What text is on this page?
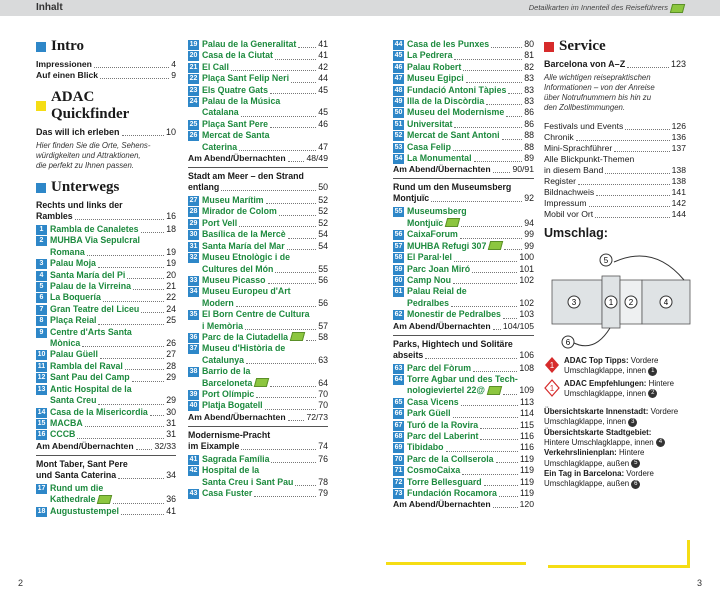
Inhalt	Detailkarten im Innenteil des Reiseführers
Intro
Impressionen	4
Auf einen Blick	9
ADAC Quickfinder
Das will ich erleben	10
Hier finden Sie die Orte, Sehens-
würdigkeiten und Attraktionen,
die perfekt zu Ihnen passen.
Unterwegs
Rechts und links der
Rambles	16
1 Rambla de Canaletes	18
2 MUHBA Via Sepulcral
Romana	19
3 Palau Moja	19
4 Santa María del Pi	20
5 Palau de la Virreina	21
6 La Boquería	22
7 Gran Teatre del Liceu	24
8 Plaça Reial	25
9 Centre d'Arts Santa
Mònica	26
10 Palau Güell	27
11 Rambla del Raval	28
12 Sant Pau del Camp	29
13 Antic Hospital de la
Santa Creu	29
14 Casa de la Misericordia 30
15 MACBA	31
16 CCCB	31
Am Abend/Übernachten 32/33
Mont Taber, Sant Pere
und Santa Caterina	34
17 Rund um die
Kathedrale	36
18 Augustustempel	41
19 Palau de la Generalitat 41
20 Casa de la Ciutat	41
21 El Call	42
22 Plaça Sant Felip Neri	44
23 Els Quatre Gats	45
24 Palau de la Música
Catalana	45
25 Plaça Sant Pere	46
26 Mercat de Santa
Caterina	47
Am Abend/Übernachten 48/49
Stadt am Meer – den Strand
entlang	50
27 Museu Marítim	52
28 Mirador de Colom	52
29 Port Vell	52
30 Basílica de la Mercè	54
31 Santa María del Mar	54
32 Museu Etnològic i de
Cultures del Món	55
33 Museu Picasso	56
34 Museu Europeu d'Art
Modern	56
35 El Born Centre de Cultura
i Memòria	57
36 Parc de la Ciutadella	58
37 Museu d'Història de
Catalunya	63
38 Barrio de la
Barceloneta	64
39 Port Olímpic	70
40 Platja Bogatell	70
Am Abend/Übernachten 72/73
Modernisme-Pracht
im Eixample	74
41 Sagrada Família	76
42 Hospital de la
Santa Creu i Sant Pau	78
43 Casa Fuster	79
44 Casa de les Punxes	80
45 La Pedrera	81
46 Palau Robert	82
47 Museu Egipci	83
48 Fundació Antoni Tàpies 83
49 Illa de la Discòrdia	83
50 Museu del Modernisme 86
51 Universitat	86
52 Mercat de Sant Antoni	88
53 Casa Felip	88
54 La Monumental	89
Am Abend/Übernachten	90/91
Rund um den Museumsberg
Montjuïc	92
55 Museumsberg
Montjuïc	94
56 CaixaForum	99
57 MUHBA Refugi 307	99
58 El Paral·lel	100
59 Parc Joan Miró	101
60 Camp Nou	102
61 Palau Reial de
Pedralbes	102
62 Monestir de Pedralbes 103
Am Abend/Übernachten 104/105
Parks, Hightech und Solitäre
abseits	106
63 Parc del Fòrum	108
64 Torre Agbar und des Tech-
nologieviertel 22@	109
65 Casa Vicens	113
66 Park Güell	114
67 Turó de la Rovira	115
68 Parc del Laberint	116
69 Tibidabo	116
70 Parc de la Collserola	119
71 CosmoCaixa	119
72 Torre Bellesguard	119
73 Fundación Rocamora	119
Am Abend/Übernachten	120
Service
Barcelona von A–Z	123
Alle wichtigen reisepraktischen
Informationen – von der Anreise
über Notrufnummern bis hin zu
den Zollbestimmungen.
Festivals und Events	126
Chronik	136
Mini-Sprachführer	137
Alle Blickpunkt-Themen
in diesem Band	138
Register	138
Bildnachweis	141
Impressum	142
Mobil vor Ort	144
Umschlag:
3	1 2	4
5
6
1
ADAC Top Tipps: Vordere
Umschlagklappe, innen 1
1
ADAC Empfehlungen: Hintere
Umschlagklappe, innen 2
Übersichtskarte Innenstadt: Vordere
Umschlagklappe, innen 3
Übersichtskarte Stadtgebiet:
Hintere Umschlagklappe, innen 4
Verkehrslinienplan: Hintere
Umschlagklappe, außen 5
Ein Tag in Barcelona: Vordere
Umschlagklappe, außen 6
2	3
